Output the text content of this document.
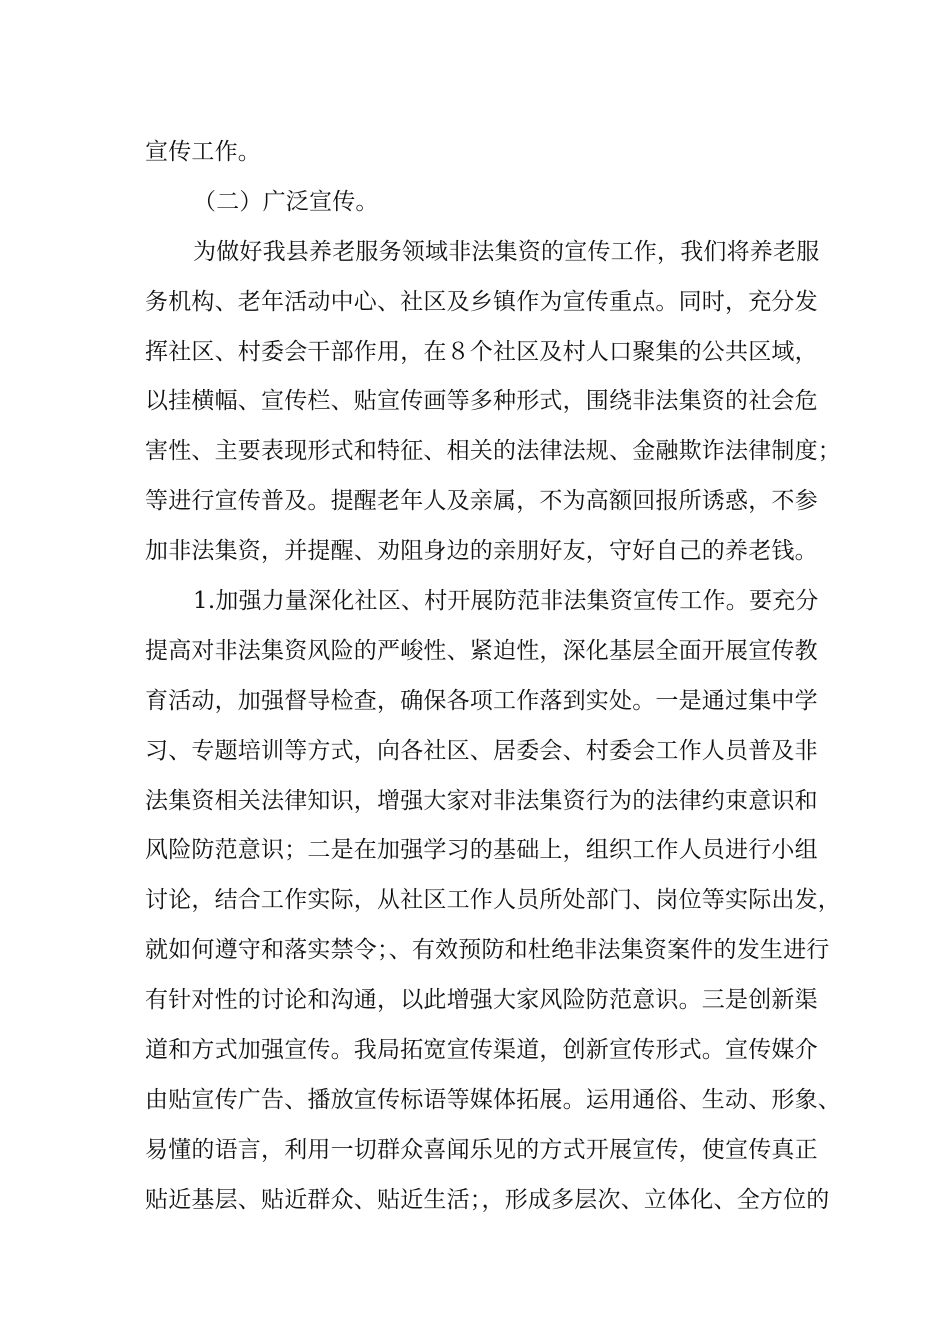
宣传工作。
（二）广泛宣传。
为做好我县养老服务领域非法集资的宣传工作，我们将养老服
务机构、老年活动中心、社区及乡镇作为宣传重点。同时，充分发
挥社区、村委会干部作用，在８个社区及村人口聚集的公共区域，
以挂横幅、宣传栏、贴宣传画等多种形式，围绕非法集资的社会危
害性、主要表现形式和特征、相关的法律法规、金融欺诈法律制度；
等进行宣传普及。提醒老年人及亲属，不为高额回报所诱惑，不参
加非法集资，并提醒、劝阻身边的亲朋好友，守好自己的养老钱。
1.加强力量深化社区、村开展防范非法集资宣传工作。要充分
提高对非法集资风险的严峻性、紧迫性，深化基层全面开展宣传教
育活动，加强督导检查，确保各项工作落到实处。一是通过集中学
习、专题培训等方式，向各社区、居委会、村委会工作人员普及非
法集资相关法律知识，增强大家对非法集资行为的法律约束意识和
风险防范意识；二是在加强学习的基础上，组织工作人员进行小组
讨论，结合工作实际，从社区工作人员所处部门、岗位等实际出发，
就如何遵守和落实禁令；、有效预防和杜绝非法集资案件的发生进行
有针对性的讨论和沟通，以此增强大家风险防范意识。三是创新渠
道和方式加强宣传。我局拓宽宣传渠道，创新宣传形式。宣传媒介
由贴宣传广告、播放宣传标语等媒体拓展。运用通俗、生动、形象、
易懂的语言，利用一切群众喜闻乐见的方式开展宣传，使宣传真正
贴近基层、贴近群众、贴近生活；，形成多层次、立体化、全方位的
